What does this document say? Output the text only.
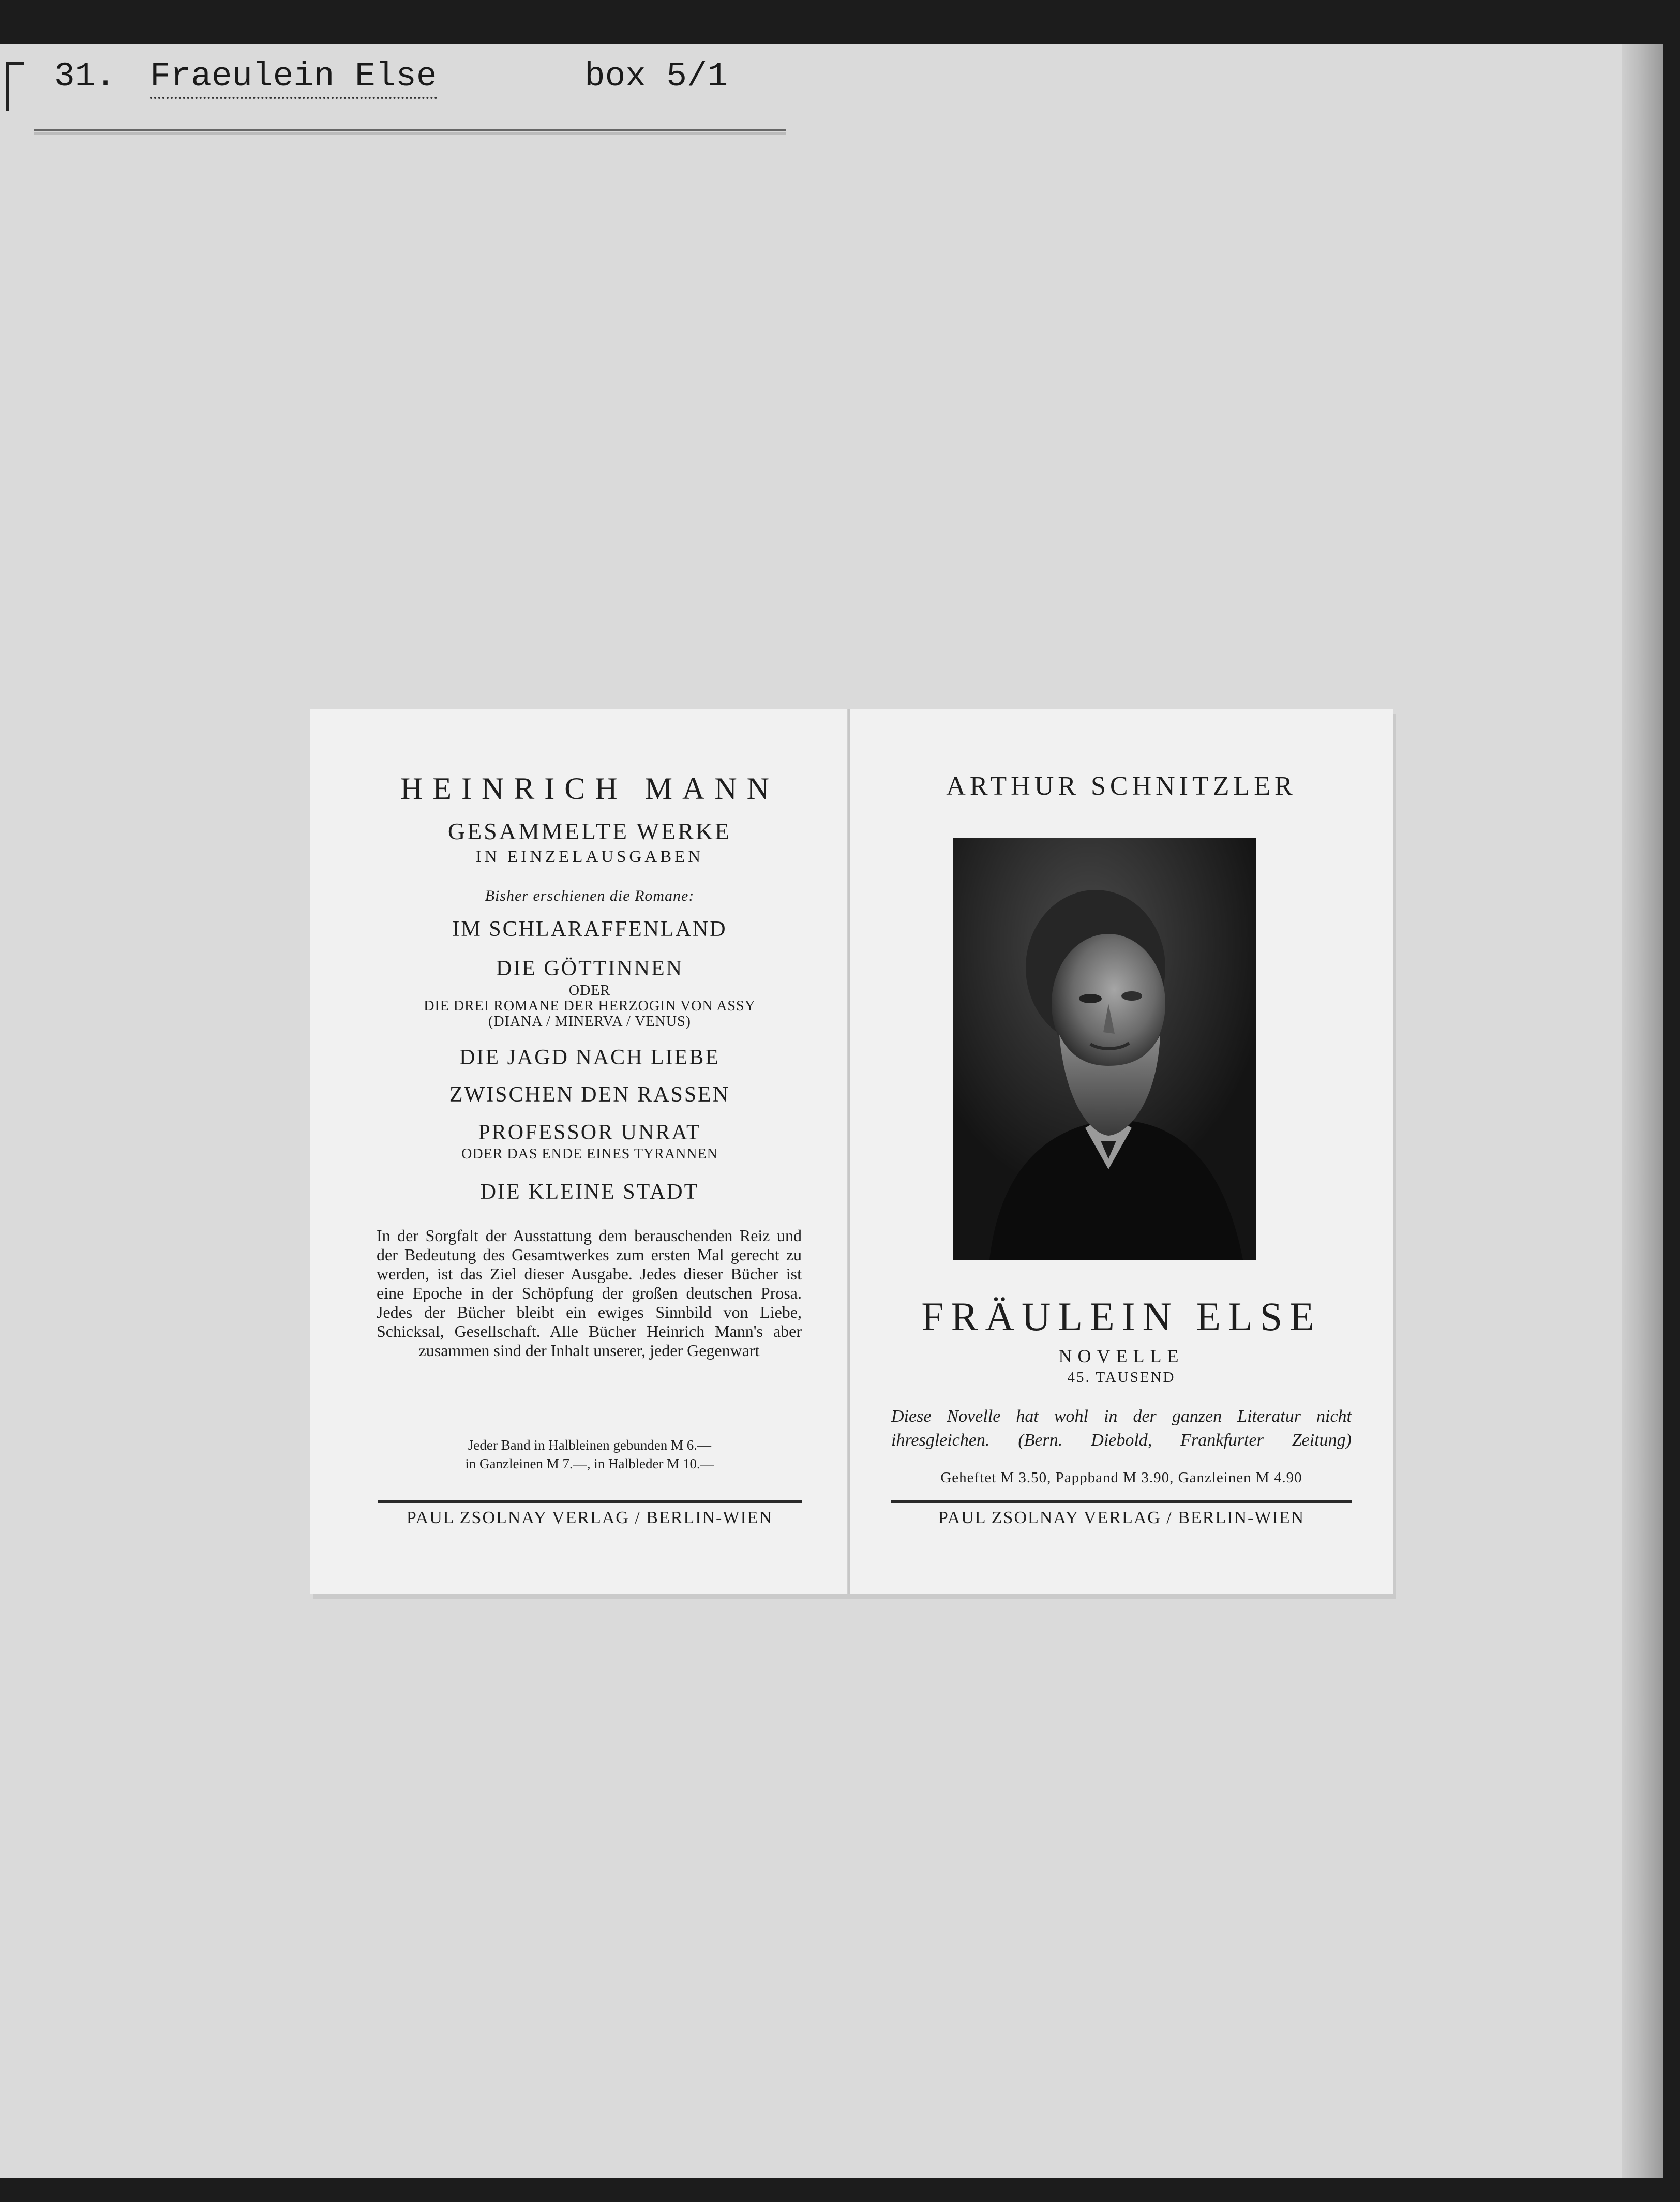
31. Fraeulein Else	box 5/1
HEINRICH MANN
GESAMMELTE WERKE
IN EINZELAUSGABEN
Bisher erschienen die Romane:
IM SCHLARAFFENLAND
DIE GÖTTINNEN
ODER
DIE DREI ROMANE DER HERZOGIN VON ASSY
(DIANA / MINERVA / VENUS)
DIE JAGD NACH LIEBE
ZWISCHEN DEN RASSEN
PROFESSOR UNRAT
ODER DAS ENDE EINES TYRANNEN
DIE KLEINE STADT
In der Sorgfalt der Ausstattung dem berauschenden Reiz und der Bedeutung des Gesamtwerkes zum ersten Mal gerecht zu werden, ist das Ziel dieser Ausgabe. Jedes dieser Bücher ist eine Epoche in der Schöpfung der großen deutschen Prosa. Jedes der Bücher bleibt ein ewiges Sinnbild von Liebe, Schicksal, Gesellschaft. Alle Bücher Heinrich Mann's aber zusammen sind der Inhalt unserer, jeder Gegenwart
Jeder Band in Halbleinen gebunden M 6.—
in Ganzleinen M 7.—, in Halbleder M 10.—
PAUL ZSOLNAY VERLAG / BERLIN-WIEN
ARTHUR SCHNITZLER
FRÄULEIN ELSE
NOVELLE
45. TAUSEND
Diese Novelle hat wohl in der ganzen Literatur nicht ihresgleichen. (Bern. Diebold, Frankfurter Zeitung)
Geheftet M 3.50, Pappband M 3.90, Ganzleinen M 4.90
PAUL ZSOLNAY VERLAG / BERLIN-WIEN
